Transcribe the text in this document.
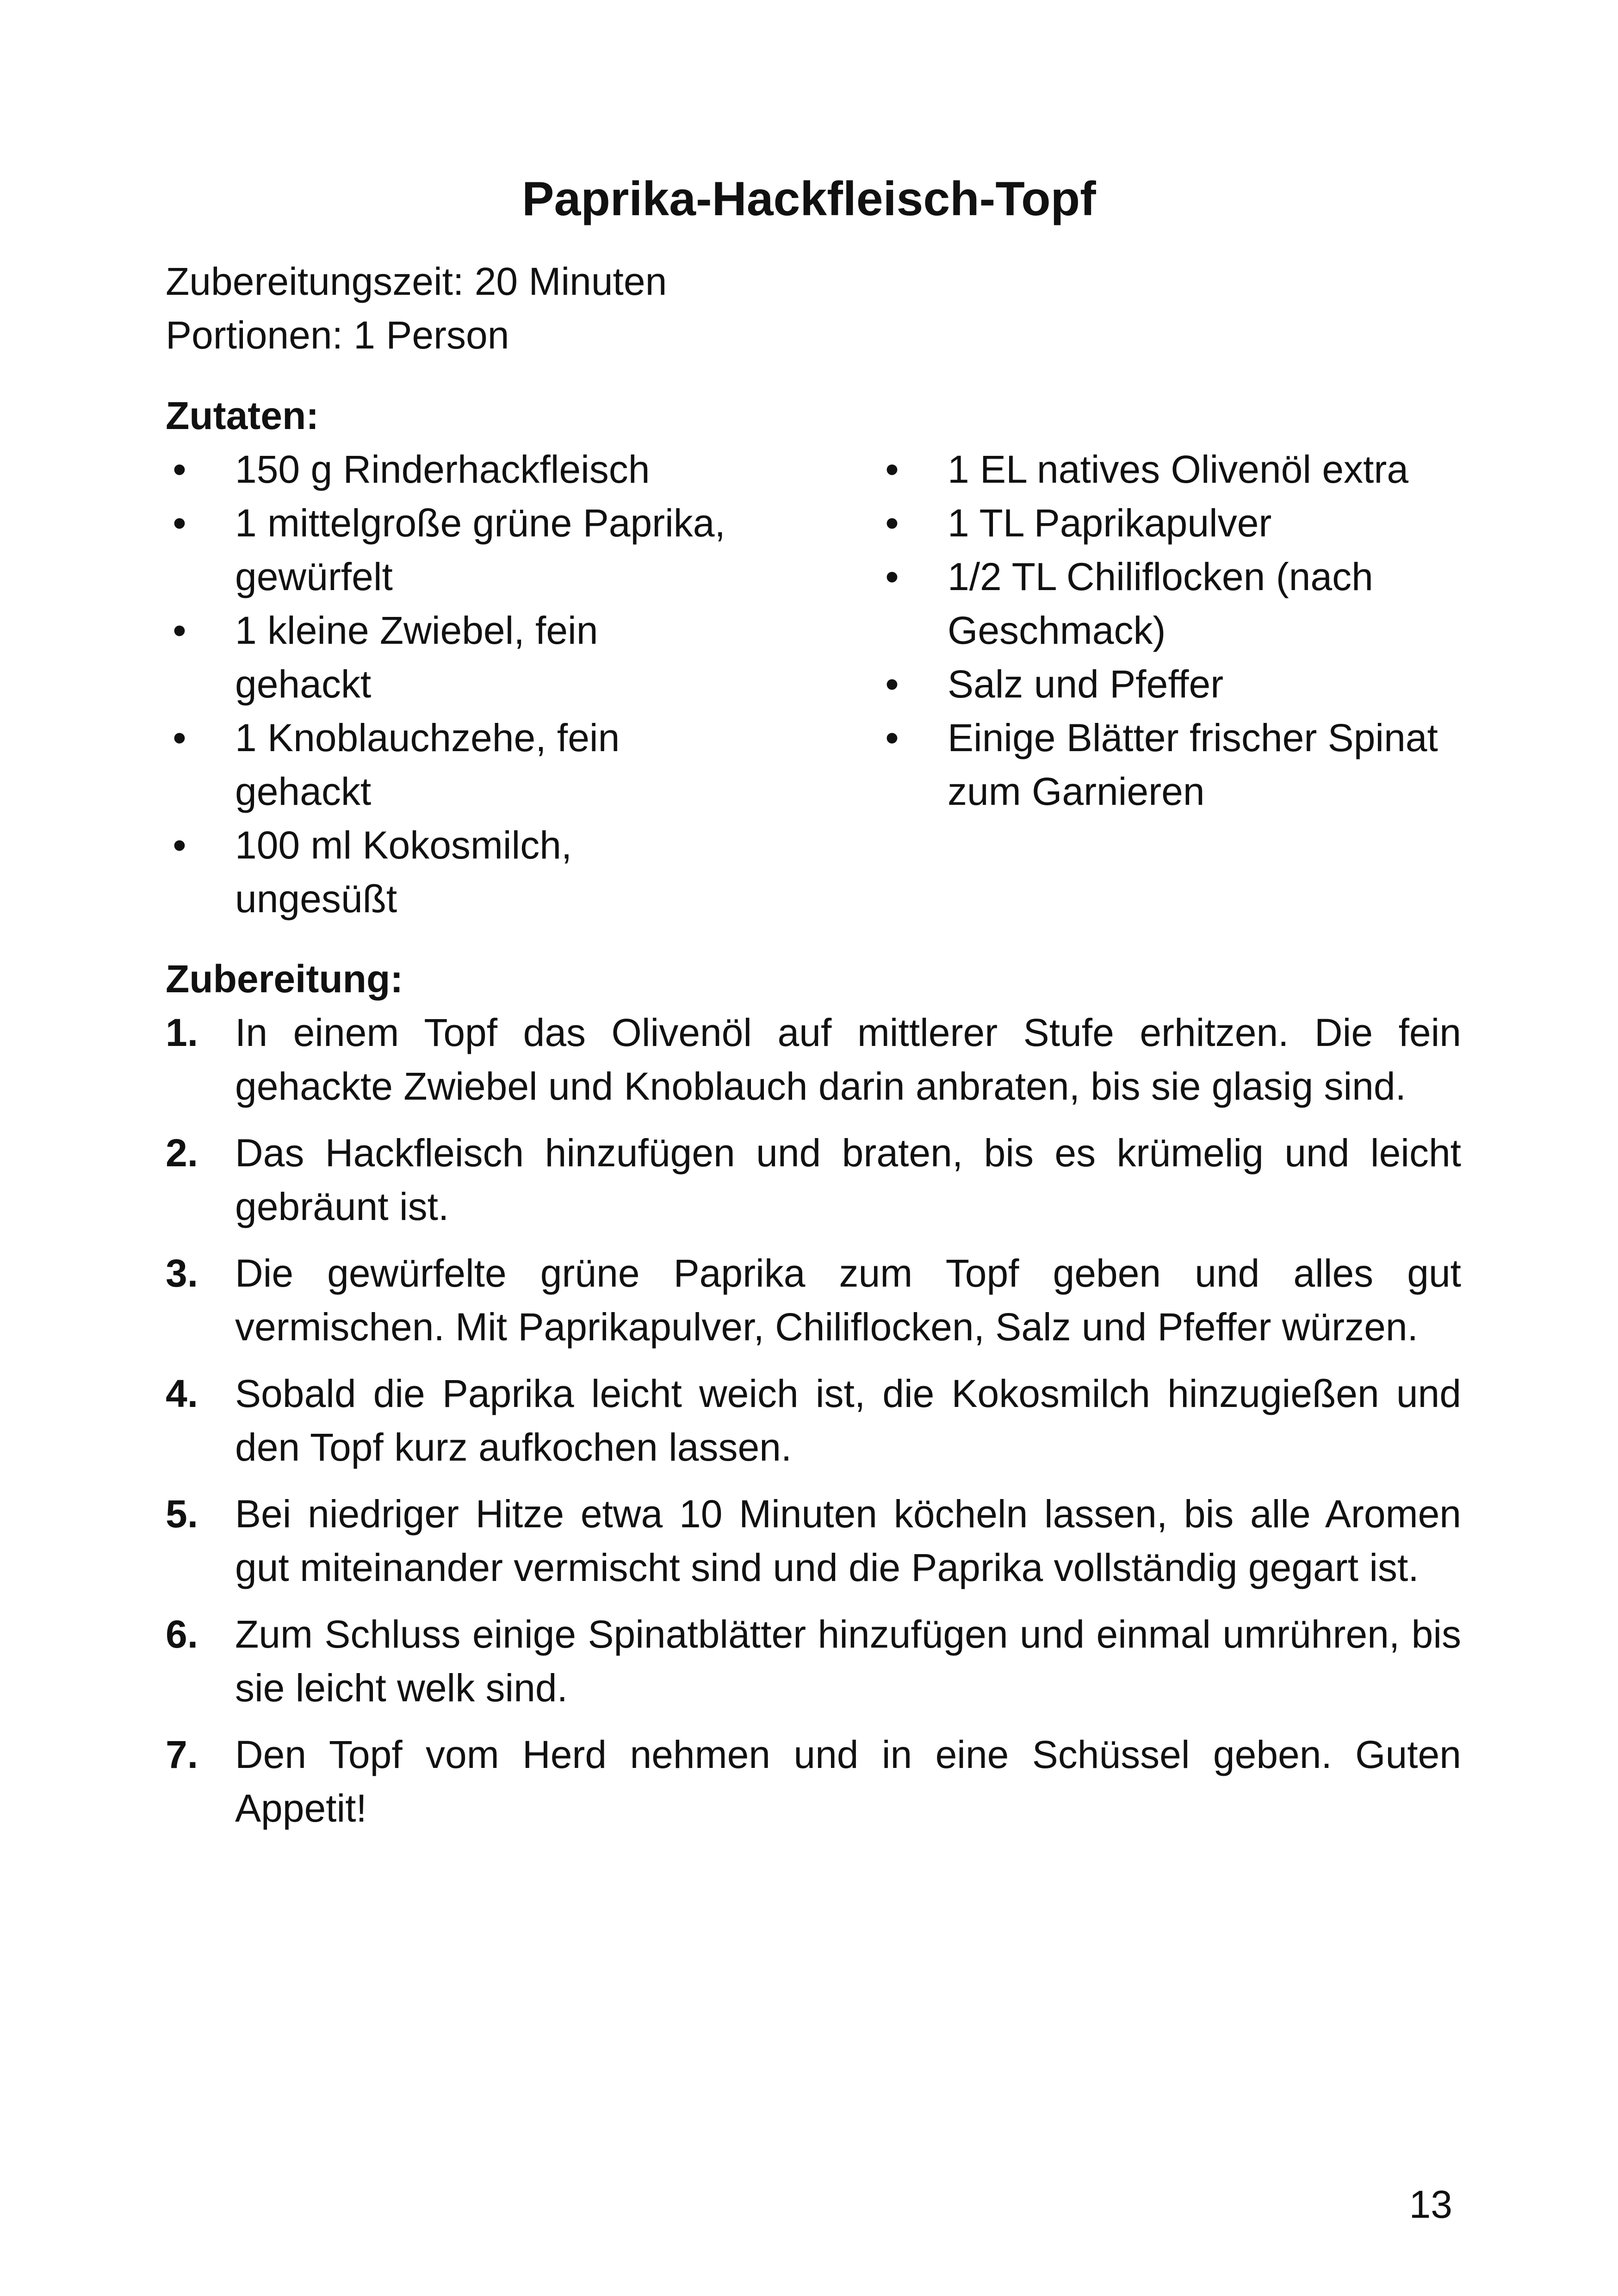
Paprika-Hackfleisch-Topf

Zubereitungszeit: 20 Minuten

Portionen: 1 Person

Zutaten:
• 150 g Rinderhackfleisch
• 1 mittelgroße grüne Paprika, gewürfelt
• 1 kleine Zwiebel, fein gehackt
• 1 Knoblauchzehe, fein gehackt
• 100 ml Kokosmilch, ungesüßt
• 1 EL natives Olivenöl extra
• 1 TL Paprikapulver
• 1/2 TL Chiliflocken (nach Geschmack)
• Salz und Pfeffer
• Einige Blätter frischer Spinat zum Garnieren
Zubereitung:
1. In einem Topf das Olivenöl auf mittlerer Stufe erhitzen. Die fein gehackte Zwiebel und Knoblauch darin anbraten, bis sie glasig sind.
2. Das Hackfleisch hinzufügen und braten, bis es krümelig und leicht gebräunt ist.
3. Die gewürfelte grüne Paprika zum Topf geben und alles gut vermischen. Mit Paprikapulver, Chiliflocken, Salz und Pfeffer würzen.
4. Sobald die Paprika leicht weich ist, die Kokosmilch hinzugießen und den Topf kurz aufkochen lassen.
5. Bei niedriger Hitze etwa 10 Minuten köcheln lassen, bis alle Aromen gut miteinander vermischt sind und die Paprika vollständig gegart ist.
6. Zum Schluss einige Spinatblätter hinzufügen und einmal umrühren, bis sie leicht welk sind.
7. Den Topf vom Herd nehmen und in eine Schüssel geben. Guten Appetit!

13
